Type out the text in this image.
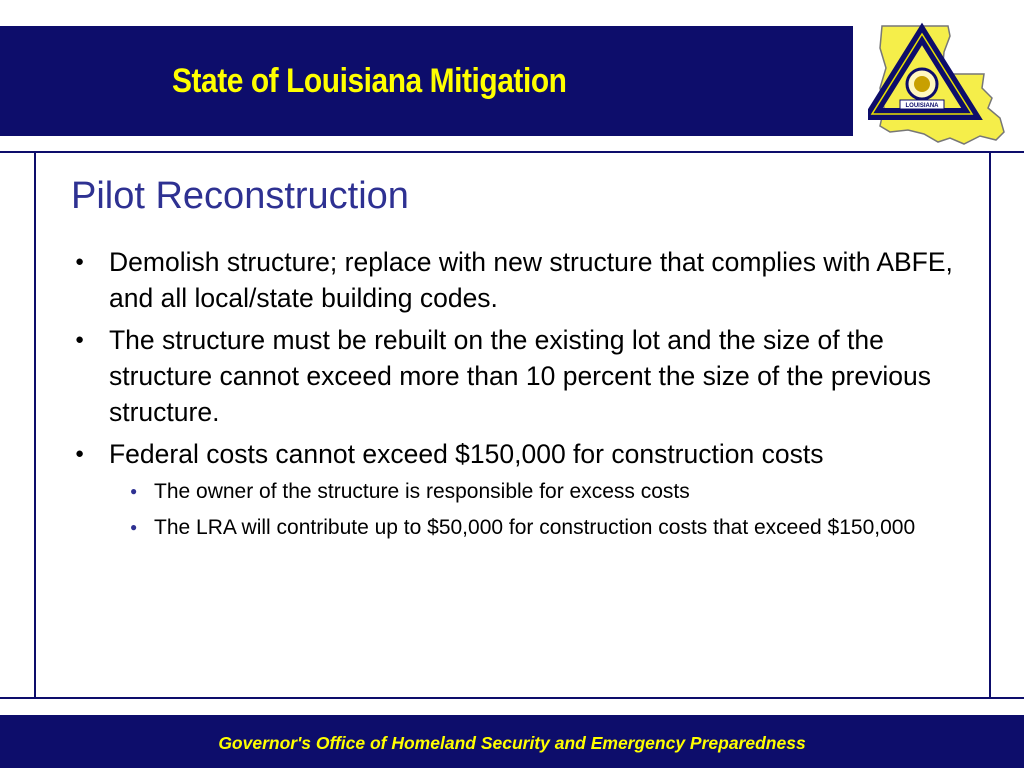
State of Louisiana Mitigation
LOUISIANA
Pilot Reconstruction
● Demolish structure; replace with new structure that complies with ABFE, and all local/state building codes.
● The structure must be rebuilt on the existing lot and the size of the structure cannot exceed more than 10 percent the size of the previous structure.
● Federal costs cannot exceed $150,000 for construction costs
● The owner of the structure is responsible for excess costs
● The LRA will contribute up to $50,000 for construction costs that exceed $150,000
Governor's Office of Homeland Security and Emergency Preparedness
